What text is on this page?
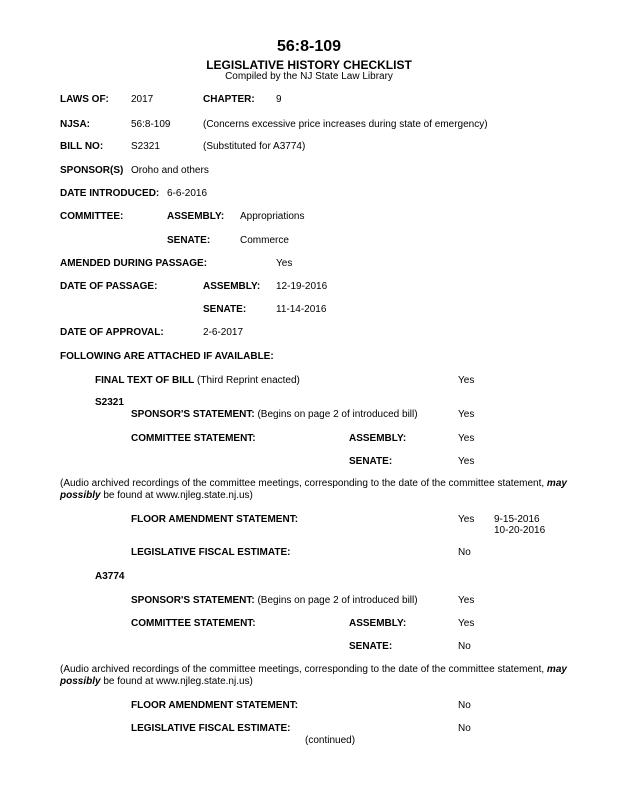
56:8-109
LEGISLATIVE HISTORY CHECKLIST
Compiled by the NJ State Law Library
LAWS OF: 2017	CHAPTER: 9
NJSA:	56:8-109	(Concerns excessive price increases during state of emergency)
BILL NO:	S2321	(Substituted for A3774)
SPONSOR(S) Oroho and others
DATE INTRODUCED: 6-6-2016
COMMITTEE:	ASSEMBLY: Appropriations
SENATE:	Commerce
AMENDED DURING PASSAGE:	Yes
DATE OF PASSAGE:	ASSEMBLY: 12-19-2016
SENATE:	11-14-2016
DATE OF APPROVAL:	2-6-2017
FOLLOWING ARE ATTACHED IF AVAILABLE:
FINAL TEXT OF BILL (Third Reprint enacted)	Yes
S2321
SPONSOR'S STATEMENT: (Begins on page 2 of introduced bill)	Yes
COMMITTEE STATEMENT:	ASSEMBLY:	Yes
SENATE:	Yes
(Audio archived recordings of the committee meetings, corresponding to the date of the committee statement, may possibly be found at www.njleg.state.nj.us)
FLOOR AMENDMENT STATEMENT:	Yes 9-15-2016
10-20-2016
LEGISLATIVE FISCAL ESTIMATE:	No
A3774
SPONSOR'S STATEMENT: (Begins on page 2 of introduced bill)	Yes
COMMITTEE STATEMENT:	ASSEMBLY:	Yes
SENATE:	No
(Audio archived recordings of the committee meetings, corresponding to the date of the committee statement, may possibly be found at www.njleg.state.nj.us)
FLOOR AMENDMENT STATEMENT:	No
LEGISLATIVE FISCAL ESTIMATE:	No
(continued)
